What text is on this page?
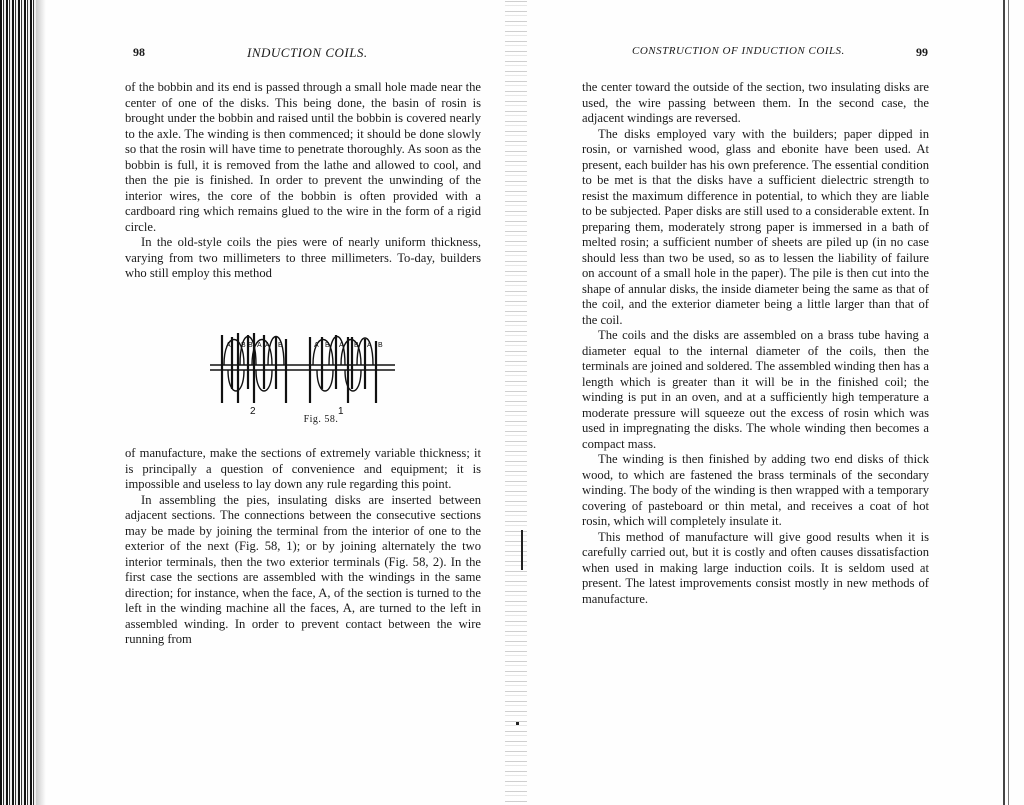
98	INDUCTION COILS.

of the bobbin and its end is passed through a small hole made near the center of one of the disks. This being done, the basin of rosin is brought under the bobbin and raised until the bobbin is covered nearly to the axle. The winding is then commenced; it should be done slowly so that the rosin will have time to penetrate thoroughly. As soon as the bobbin is full, it is removed from the lathe and allowed to cool, and then the pie is finished. In order to prevent the unwinding of the interior wires, the core of the bobbin is often provided with a cardboard ring which remains glued to the wire in the form of a rigid circle.

In the old-style coils the pies were of nearly uniform thickness, varying from two millimeters to three millimeters. To-day, builders who still employ this method

A B B A A B	A B A B A B
2	1
Fig. 58.

of manufacture, make the sections of extremely variable thickness; it is principally a question of convenience and equipment; it is impossible and useless to lay down any rule regarding this point.

In assembling the pies, insulating disks are inserted between adjacent sections. The connections between the consecutive sections may be made by joining the terminal from the interior of one to the exterior of the next (Fig. 58, 1); or by joining alternately the two interior terminals, then the two exterior terminals (Fig. 58, 2). In the first case the sections are assembled with the windings in the same direction; for instance, when the face, A, of the section is turned to the left in the winding machine all the faces, A, are turned to the left in assembled winding. In order to prevent contact between the wire running from

CONSTRUCTION OF INDUCTION COILS.	99

the center toward the outside of the section, two insulating disks are used, the wire passing between them. In the second case, the adjacent windings are reversed.

The disks employed vary with the builders; paper dipped in rosin, or varnished wood, glass and ebonite have been used. At present, each builder has his own preference. The essential condition to be met is that the disks have a sufficient dielectric strength to resist the maximum difference in potential, to which they are liable to be subjected. Paper disks are still used to a considerable extent. In preparing them, moderately strong paper is immersed in a bath of melted rosin; a sufficient number of sheets are piled up (in no case should less than two be used, so as to lessen the liability of failure on account of a small hole in the paper). The pile is then cut into the shape of annular disks, the inside diameter being the same as that of the coil, and the exterior diameter being a little larger than that of the coil.

The coils and the disks are assembled on a brass tube having a diameter equal to the internal diameter of the coils, then the terminals are joined and soldered. The assembled winding then has a length which is greater than it will be in the finished coil; the winding is put in an oven, and at a sufficiently high temperature a moderate pressure will squeeze out the excess of rosin which was used in impregnating the disks. The whole winding then becomes a compact mass.

The winding is then finished by adding two end disks of thick wood, to which are fastened the brass terminals of the secondary winding. The body of the winding is then wrapped with a temporary covering of pasteboard or thin metal, and receives a coat of hot rosin, which will completely insulate it.

This method of manufacture will give good results when it is carefully carried out, but it is costly and often causes dissatisfaction when used in making large induction coils. It is seldom used at present. The latest improvements consist mostly in new methods of manufacture.
